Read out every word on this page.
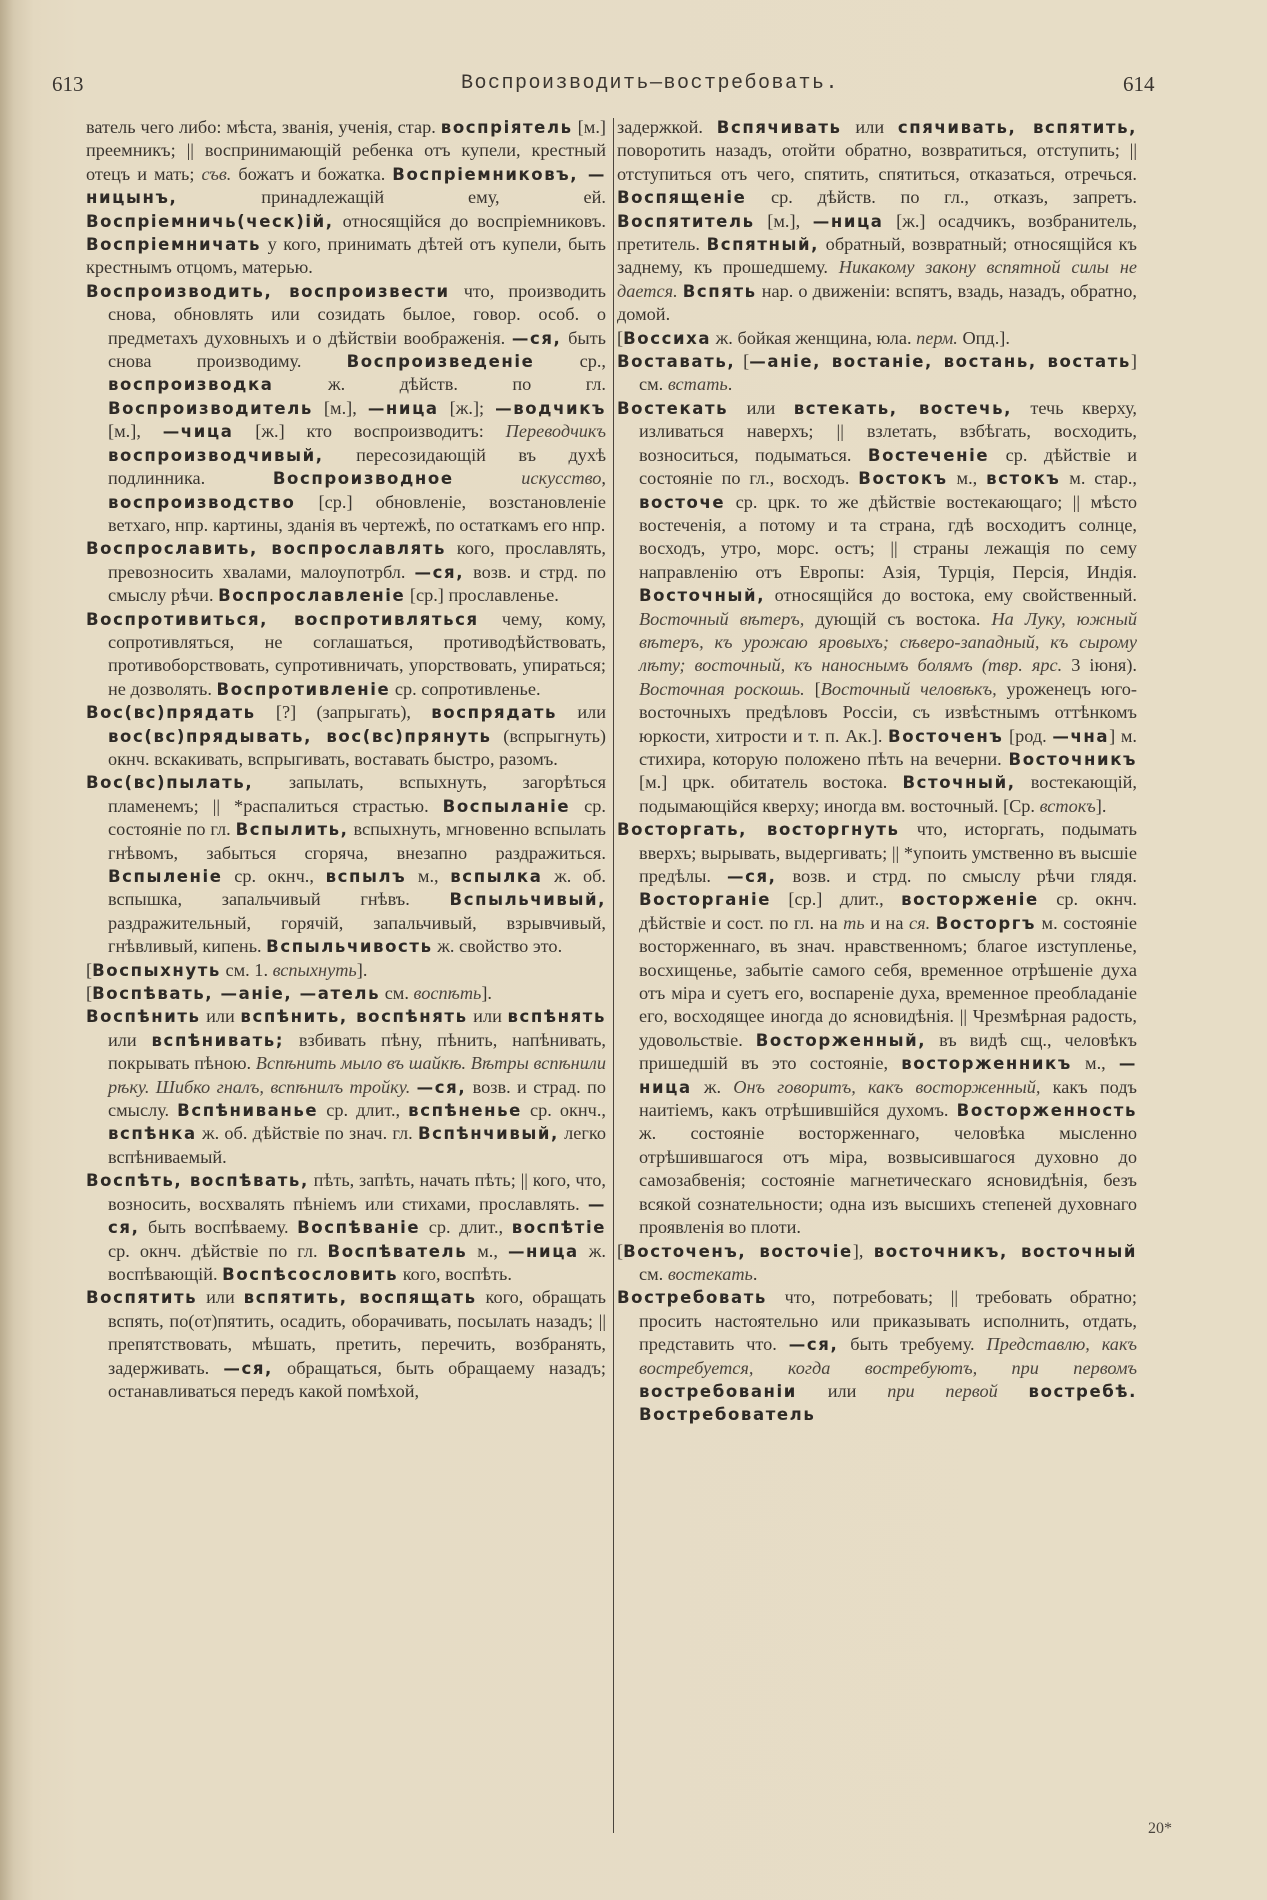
613	Воспроизводить—востребовать.	614

ватель чего либо: мѣста, званія, ученія, стар. воспріятель [м.] преемникъ; || воспринимающій ребенка отъ купели, крестный отецъ и мать; съв. божатъ и божатка. Воспріемниковъ, —ницынъ, принадлежащій ему, ей. Воспріемничь(ческ)ій, относящійся до воспріемниковъ. Воспріемничать у кого, принимать дѣтей отъ купели, быть крестнымъ отцомъ, матерью.

Воспроизводить, воспроизвести что, производить снова, обновлять или созидать былое, говор. особ. о предметахъ духовныхъ и о дѣйствіи воображенія. —ся, быть снова производиму. Воспроизведеніе ср., воспроизводка ж. дѣйств. по гл. Воспроизводитель [м.], —ница [ж.]; —водчикъ [м.], —чица [ж.] кто воспроизводитъ: Переводчикъ воспроизводчивый, пересозидающій въ духѣ подлинника. Воспроизводное	искусство, воспроизводство [ср.] обновленіе, возстановленіе ветхаго, нпр. картины, зданія въ чертежѣ, по остаткамъ его нпр.

Воспрославить, воспрославлять кого, прославлять, превозносить хвалами, малоупотрбл. —ся, возв. и стрд. по смыслу рѣчи. Воспрославленіе [ср.] прославленье.

Воспротивиться, воспротивляться чему, кому, сопротивляться, не соглашаться, противодѣйствовать, противоборствовать, супротивничать, упорствовать, упираться; не дозволять. Воспротивленіе ср. сопротивленье.

Вос(вс)прядать [?] (запрыгать), воспрядать или вос(вс)прядывать, вос(вс)прянуть (вспрыгнуть) окнч. вскакивать, вспрыгивать, воставать быстро, разомъ.

Вос(вс)пылать, запылать, вспыхнуть, загорѣться пламенемъ; || *распалиться страстью. Воспыланіе ср. состояніе по гл. Вспылить, вспыхнуть, мгновенно вспылать гнѣвомъ, забыться сгоряча, внезапно раздражиться. Вспыленіе ср. окнч., вспылъ м., вспылка ж. об. вспышка, запальчивый гнѣвъ. Вспыльчивый, раздражительный, горячій, запальчивый, взрывчивый, гнѣвливый, кипень. Вспыльчивость ж. свойство это.

[Воспыхнуть см. 1. вспыхнуть].

[Воспѣвать, —аніе, —атель см. воспѣть].

Воспѣнить или вспѣнить, воспѣнять или вспѣнять или вспѣнивать; взбивать пѣну, пѣнить, напѣнивать, покрывать пѣною. Вспѣнить мыло въ шайкѣ. Вѣтры вспѣнили рѣку. Шибко гналъ, вспѣнилъ тройку. —ся, возв. и страд. по смыслу. Вспѣниванье ср. длит., вспѣненье ср. окнч., вспѣнка ж. об. дѣйствіе по знач. гл. Вспѣнчивый, легко вспѣниваемый.

Воспѣть, воспѣвать, пѣть, запѣть, начать пѣть; || кого, что, возносить, восхвалять пѣніемъ или стихами, прославлять. —ся, быть воспѣваему. Воспѣваніе ср. длит., воспѣтіе ср. окнч. дѣйствіе по гл. Воспѣватель м., —ница ж. воспѣвающій. Воспѣсословить кого, воспѣть.

Воспятить или вспятить, воспящать кого, обращать вспять, по(от)пятить, осадить, оборачивать, посылать назадъ; || препятствовать, мѣшать, претить, перечить, возбранять, задерживать. —ся, обращаться, быть обращаему назадъ; останавливаться передъ какой помѣхой,

задержкой. Вспячивать или спячивать, вспятить, поворотить назадъ, отойти обратно, возвратиться, отступить; || отступиться отъ чего, спятить, спятиться, отказаться, отречься. Воспященіе ср. дѣйств. по гл., отказъ, запретъ. Воспятитель [м.], —ница [ж.] осадчикъ, возбранитель, претитель. Вспятный, обратный, возвратный; относящійся къ заднему, къ прошедшему. Никакому закону вспятной силы не дается. Вспять нар. о движеніи: вспятъ, взадь, назадъ, обратно, домой.

[Воссиха ж. бойкая женщина, юла. перм. Опд.].

Воставать, [—аніе, востаніе, востань, востать] см. встать.

Востекать или встекать, востечь, течь кверху, изливаться наверхъ; || взлетать, взбѣгать, восходить, возноситься, подыматься. Востеченіе ср. дѣйствіе и состояніе по гл., восходъ. Востокъ м., встокъ м. стар., восточе ср. црк. то же дѣйствіе востекающаго; || мѣсто востеченія, а потому и та страна, гдѣ восходитъ солнце, восходъ, утро, морс. остъ; || страны лежащія по сему направленію отъ Европы: Азія, Турція, Персія, Индія. Восточный, относящійся до востока, ему свойственный. Восточный вѣтеръ, дующій съ востока. На Луку, южный вѣтеръ, къ урожаю яровыхъ; сѣверо-западный, къ сырому лѣту; восточный, къ наноснымъ болямъ (твр. ярс. 3 іюня). Восточная роскошь. [Восточный человѣкъ, уроженецъ юго-восточныхъ предѣловъ Россіи, съ извѣстнымъ оттѣнкомъ юркости, хитрости и т. п. Ак.]. Восточенъ [род. —чна] м. стихира, которую положено пѣть на вечерни. Восточникъ [м.] црк. обитатель востока. Всточный, востекающій, подымающійся кверху; иногда вм. восточный. [Ср. встокъ].

Восторгать, восторгнуть что, исторгать, подымать вверхъ; вырывать, выдергивать; || *упоить умственно въ высшіе предѣлы. —ся, возв. и стрд. по смыслу рѣчи глядя. Восторганіе [ср.] длит., восторженіе ср. окнч. дѣйствіе и сост. по гл. на ть и на ся. Восторгъ м. состояніе восторженнаго, въ знач. нравственномъ; благое изступленье, восхищенье, забытіе самого себя, временное отрѣшеніе духа отъ міра и суетъ его, воспареніе духа, временное преобладаніе его, восходящее иногда до ясновидѣнія. || Чрезмѣрная радость, удовольствіе. Восторженный, въ видѣ сщ., человѣкъ пришедшій въ это состояніе, восторженникъ м., —ница ж. Онъ говоритъ, какъ восторженный, какъ подъ наитіемъ, какъ отрѣшившійся духомъ. Восторженность ж. состояніе восторженнаго, человѣка мысленно отрѣшившагося отъ міра, возвысившагося духовно до самозабвенія; состояніе магнетическаго ясновидѣнія, безъ всякой сознательности; одна изъ высшихъ степеней духовнаго проявленія во плоти.

[Восточенъ, восточіе], восточникъ, восточный см. востекать.

Востребовать что, потребовать; || требовать обратно; просить настоятельно или приказывать исполнить, отдать, представить что. —ся, быть требуему. Представлю, какъ востребуется, когда востребуютъ, при первомъ востребованіи или при первой востребѣ. Востребователь

20*
